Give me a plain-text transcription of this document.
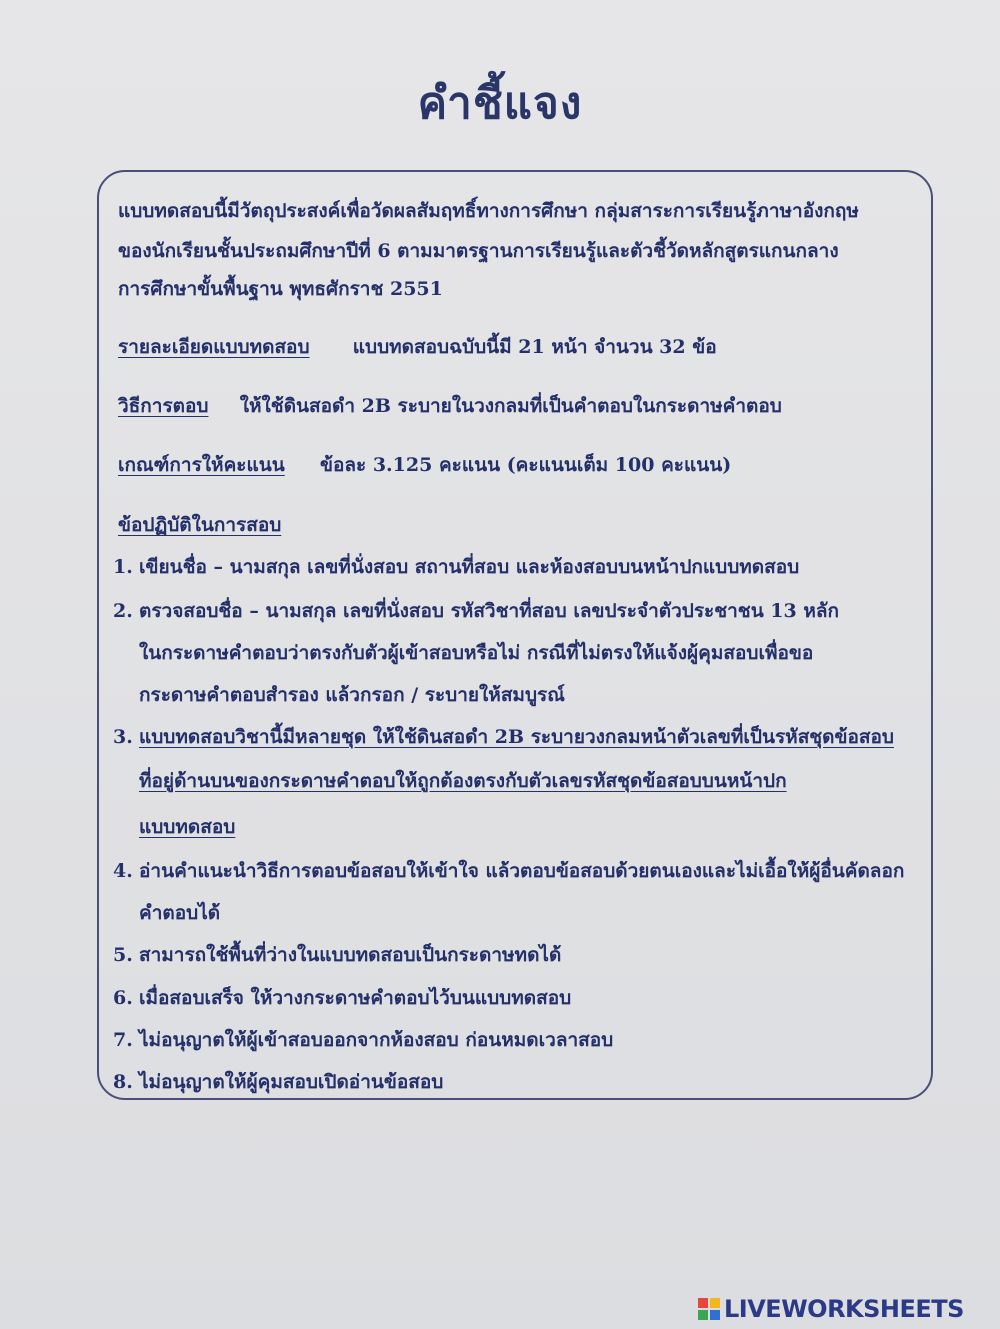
คำชี้แจง
แบบทดสอบนี้มีวัตถุประสงค์เพื่อวัดผลสัมฤทธิ์ทางการศึกษา กลุ่มสาระการเรียนรู้ภาษาอังกฤษ
ของนักเรียนชั้นประถมศึกษาปีที่ 6 ตามมาตรฐานการเรียนรู้และตัวชี้วัดหลักสูตรแกนกลาง
การศึกษาขั้นพื้นฐาน พุทธศักราช 2551
รายละเอียดแบบทดสอบ แบบทดสอบฉบับนี้มี 21 หน้า จำนวน 32 ข้อ
วิธีการตอบ ให้ใช้ดินสอดำ 2B ระบายในวงกลมที่เป็นคำตอบในกระดาษคำตอบ
เกณฑ์การให้คะแนน ข้อละ 3.125 คะแนน (คะแนนเต็ม 100 คะแนน)
ข้อปฏิบัติในการสอบ
1. เขียนชื่อ – นามสกุล เลขที่นั่งสอบ สถานที่สอบ และห้องสอบบนหน้าปกแบบทดสอบ
2. ตรวจสอบชื่อ – นามสกุล เลขที่นั่งสอบ รหัสวิชาที่สอบ เลขประจำตัวประชาชน 13 หลัก
ในกระดาษคำตอบว่าตรงกับตัวผู้เข้าสอบหรือไม่ กรณีที่ไม่ตรงให้แจ้งผู้คุมสอบเพื่อขอ
กระดาษคำตอบสำรอง แล้วกรอก / ระบายให้สมบูรณ์
3. แบบทดสอบวิชานี้มีหลายชุด ให้ใช้ดินสอดำ 2B ระบายวงกลมหน้าตัวเลขที่เป็นรหัสชุดข้อสอบ
ที่อยู่ด้านบนของกระดาษคำตอบให้ถูกต้องตรงกับตัวเลขรหัสชุดข้อสอบบนหน้าปก
แบบทดสอบ
4. อ่านคำแนะนำวิธีการตอบข้อสอบให้เข้าใจ แล้วตอบข้อสอบด้วยตนเองและไม่เอื้อให้ผู้อื่นคัดลอก
คำตอบได้
5. สามารถใช้พื้นที่ว่างในแบบทดสอบเป็นกระดาษทดได้
6. เมื่อสอบเสร็จ ให้วางกระดาษคำตอบไว้บนแบบทดสอบ
7. ไม่อนุญาตให้ผู้เข้าสอบออกจากห้องสอบ ก่อนหมดเวลาสอบ
8. ไม่อนุญาตให้ผู้คุมสอบเปิดอ่านข้อสอบ
LIVEWORKSHEETS
